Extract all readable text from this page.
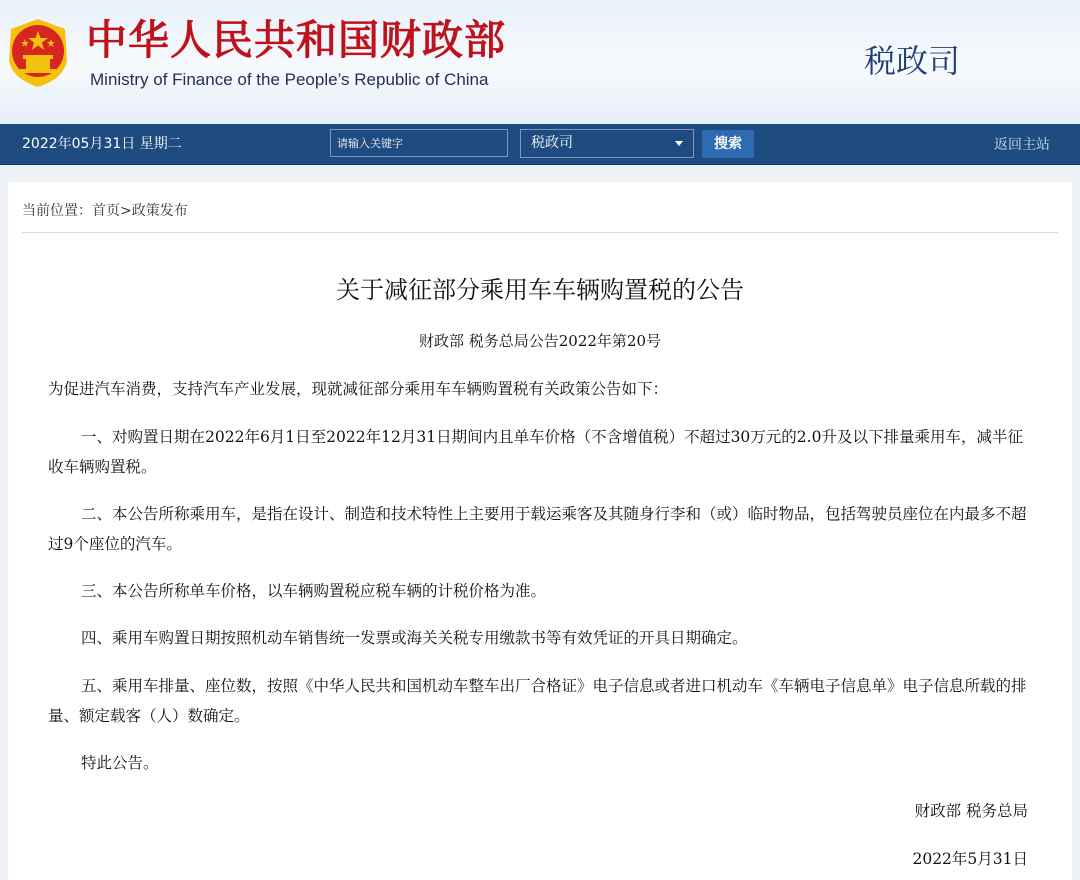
中华人民共和国财政部
Ministry of Finance of the People’s Republic of China	税政司
2022年05月31日 星期二
请输入关键字	税政司	搜索	返回主站
当前位置：首页>政策发布
关于减征部分乘用车车辆购置税的公告
财政部 税务总局公告2022年第20号

为促进汽车消费，支持汽车产业发展，现就减征部分乘用车车辆购置税有关政策公告如下：

一、对购置日期在2022年6月1日至2022年12月31日期间内且单车价格（不含增值税）不超过30万元的2.0升及以下排量乘用车，减半征收车辆购置税。

二、本公告所称乘用车，是指在设计、制造和技术特性上主要用于载运乘客及其随身行李和（或）临时物品，包括驾驶员座位在内最多不超过9个座位的汽车。

三、本公告所称单车价格，以车辆购置税应税车辆的计税价格为准。

四、乘用车购置日期按照机动车销售统一发票或海关关税专用缴款书等有效凭证的开具日期确定。

五、乘用车排量、座位数，按照《中华人民共和国机动车整车出厂合格证》电子信息或者进口机动车《车辆电子信息单》电子信息所载的排量、额定载客（人）数确定。

特此公告。

财政部 税务总局
2022年5月31日
